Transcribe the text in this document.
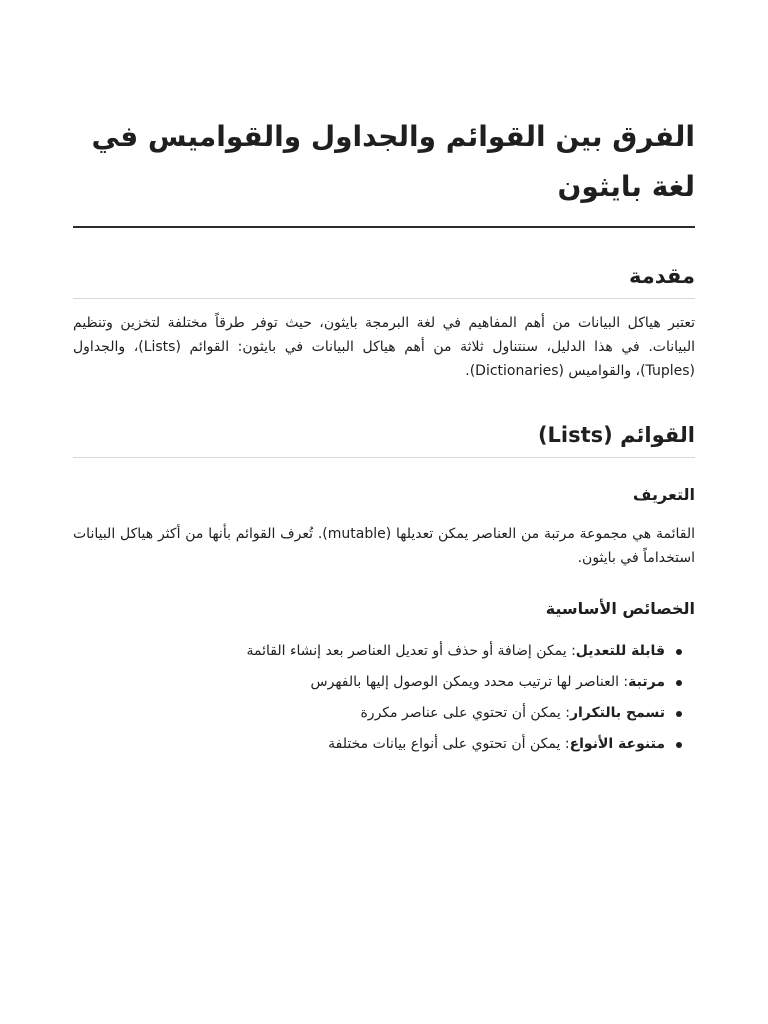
الفرق بين القوائم والجداول والقواميس في لغة بايثون
مقدمة

تعتبر هياكل البيانات من أهم المفاهيم في لغة البرمجة بايثون، حيث توفر طرقاً مختلفة لتخزين وتنظيم البيانات. في هذا الدليل، سنتناول ثلاثة من أهم هياكل البيانات في بايثون: القوائم (Lists)، والجداول (Tuples)، والقواميس (Dictionaries).

القوائم (Lists)
التعريف

القائمة هي مجموعة مرتبة من العناصر يمكن تعديلها (mutable). تُعرف القوائم بأنها من أكثر هياكل البيانات استخداماً في بايثون.

الخصائص الأساسية
قابلة للتعديل: يمكن إضافة أو حذف أو تعديل العناصر بعد إنشاء القائمة
مرتبة: العناصر لها ترتيب محدد ويمكن الوصول إليها بالفهرس
تسمح بالتكرار: يمكن أن تحتوي على عناصر مكررة
متنوعة الأنواع: يمكن أن تحتوي على أنواع بيانات مختلفة
